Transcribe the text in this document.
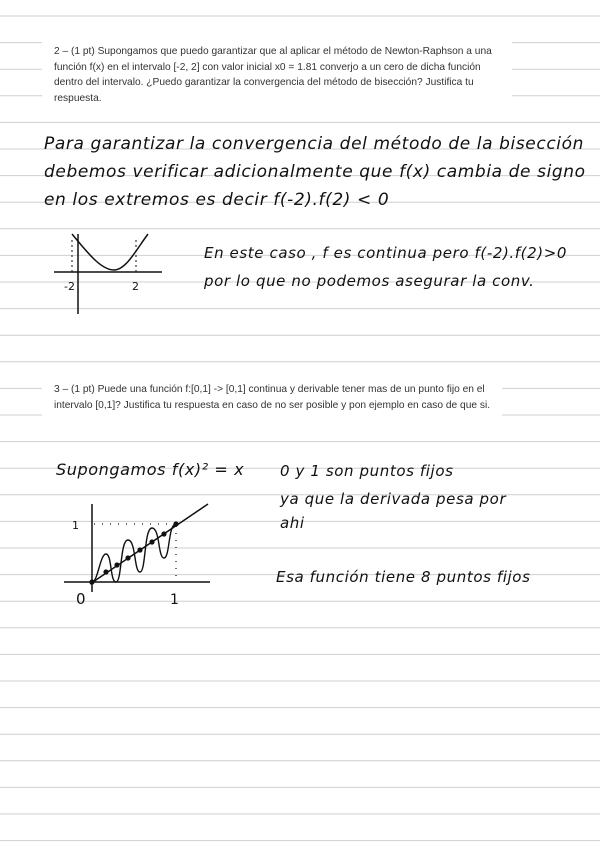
2 – (1 pt) Supongamos que puedo garantizar que al aplicar el método de Newton-Raphson a una función f(x) en el intervalo [-2, 2] con valor inicial x0 = 1.81 converjo a un cero de dicha función dentro del intervalo. ¿Puedo garantizar la convergencia del método de bisección? Justifica tu respuesta.
Para garantizar la convergencia del método de la bisección
debemos verificar adicionalmente que f(x) cambia de signo
en los extremos es decir f(-2).f(2) < 0
-2	2
En este caso , f es continua pero f(-2).f(2)>0
por lo que no podemos asegurar la conv.
3 – (1 pt) Puede una función f:[0,1] -> [0,1] continua y derivable tener mas de un punto fijo en el intervalo [0,1]? Justifica tu respuesta en caso de no ser posible y pon ejemplo en caso de que si.
Supongamos f(x)² = x 0 y 1 son puntos fijos
ya que la derivada pesa por
ahi
Esa función tiene 8 puntos fijos
1
0	1
